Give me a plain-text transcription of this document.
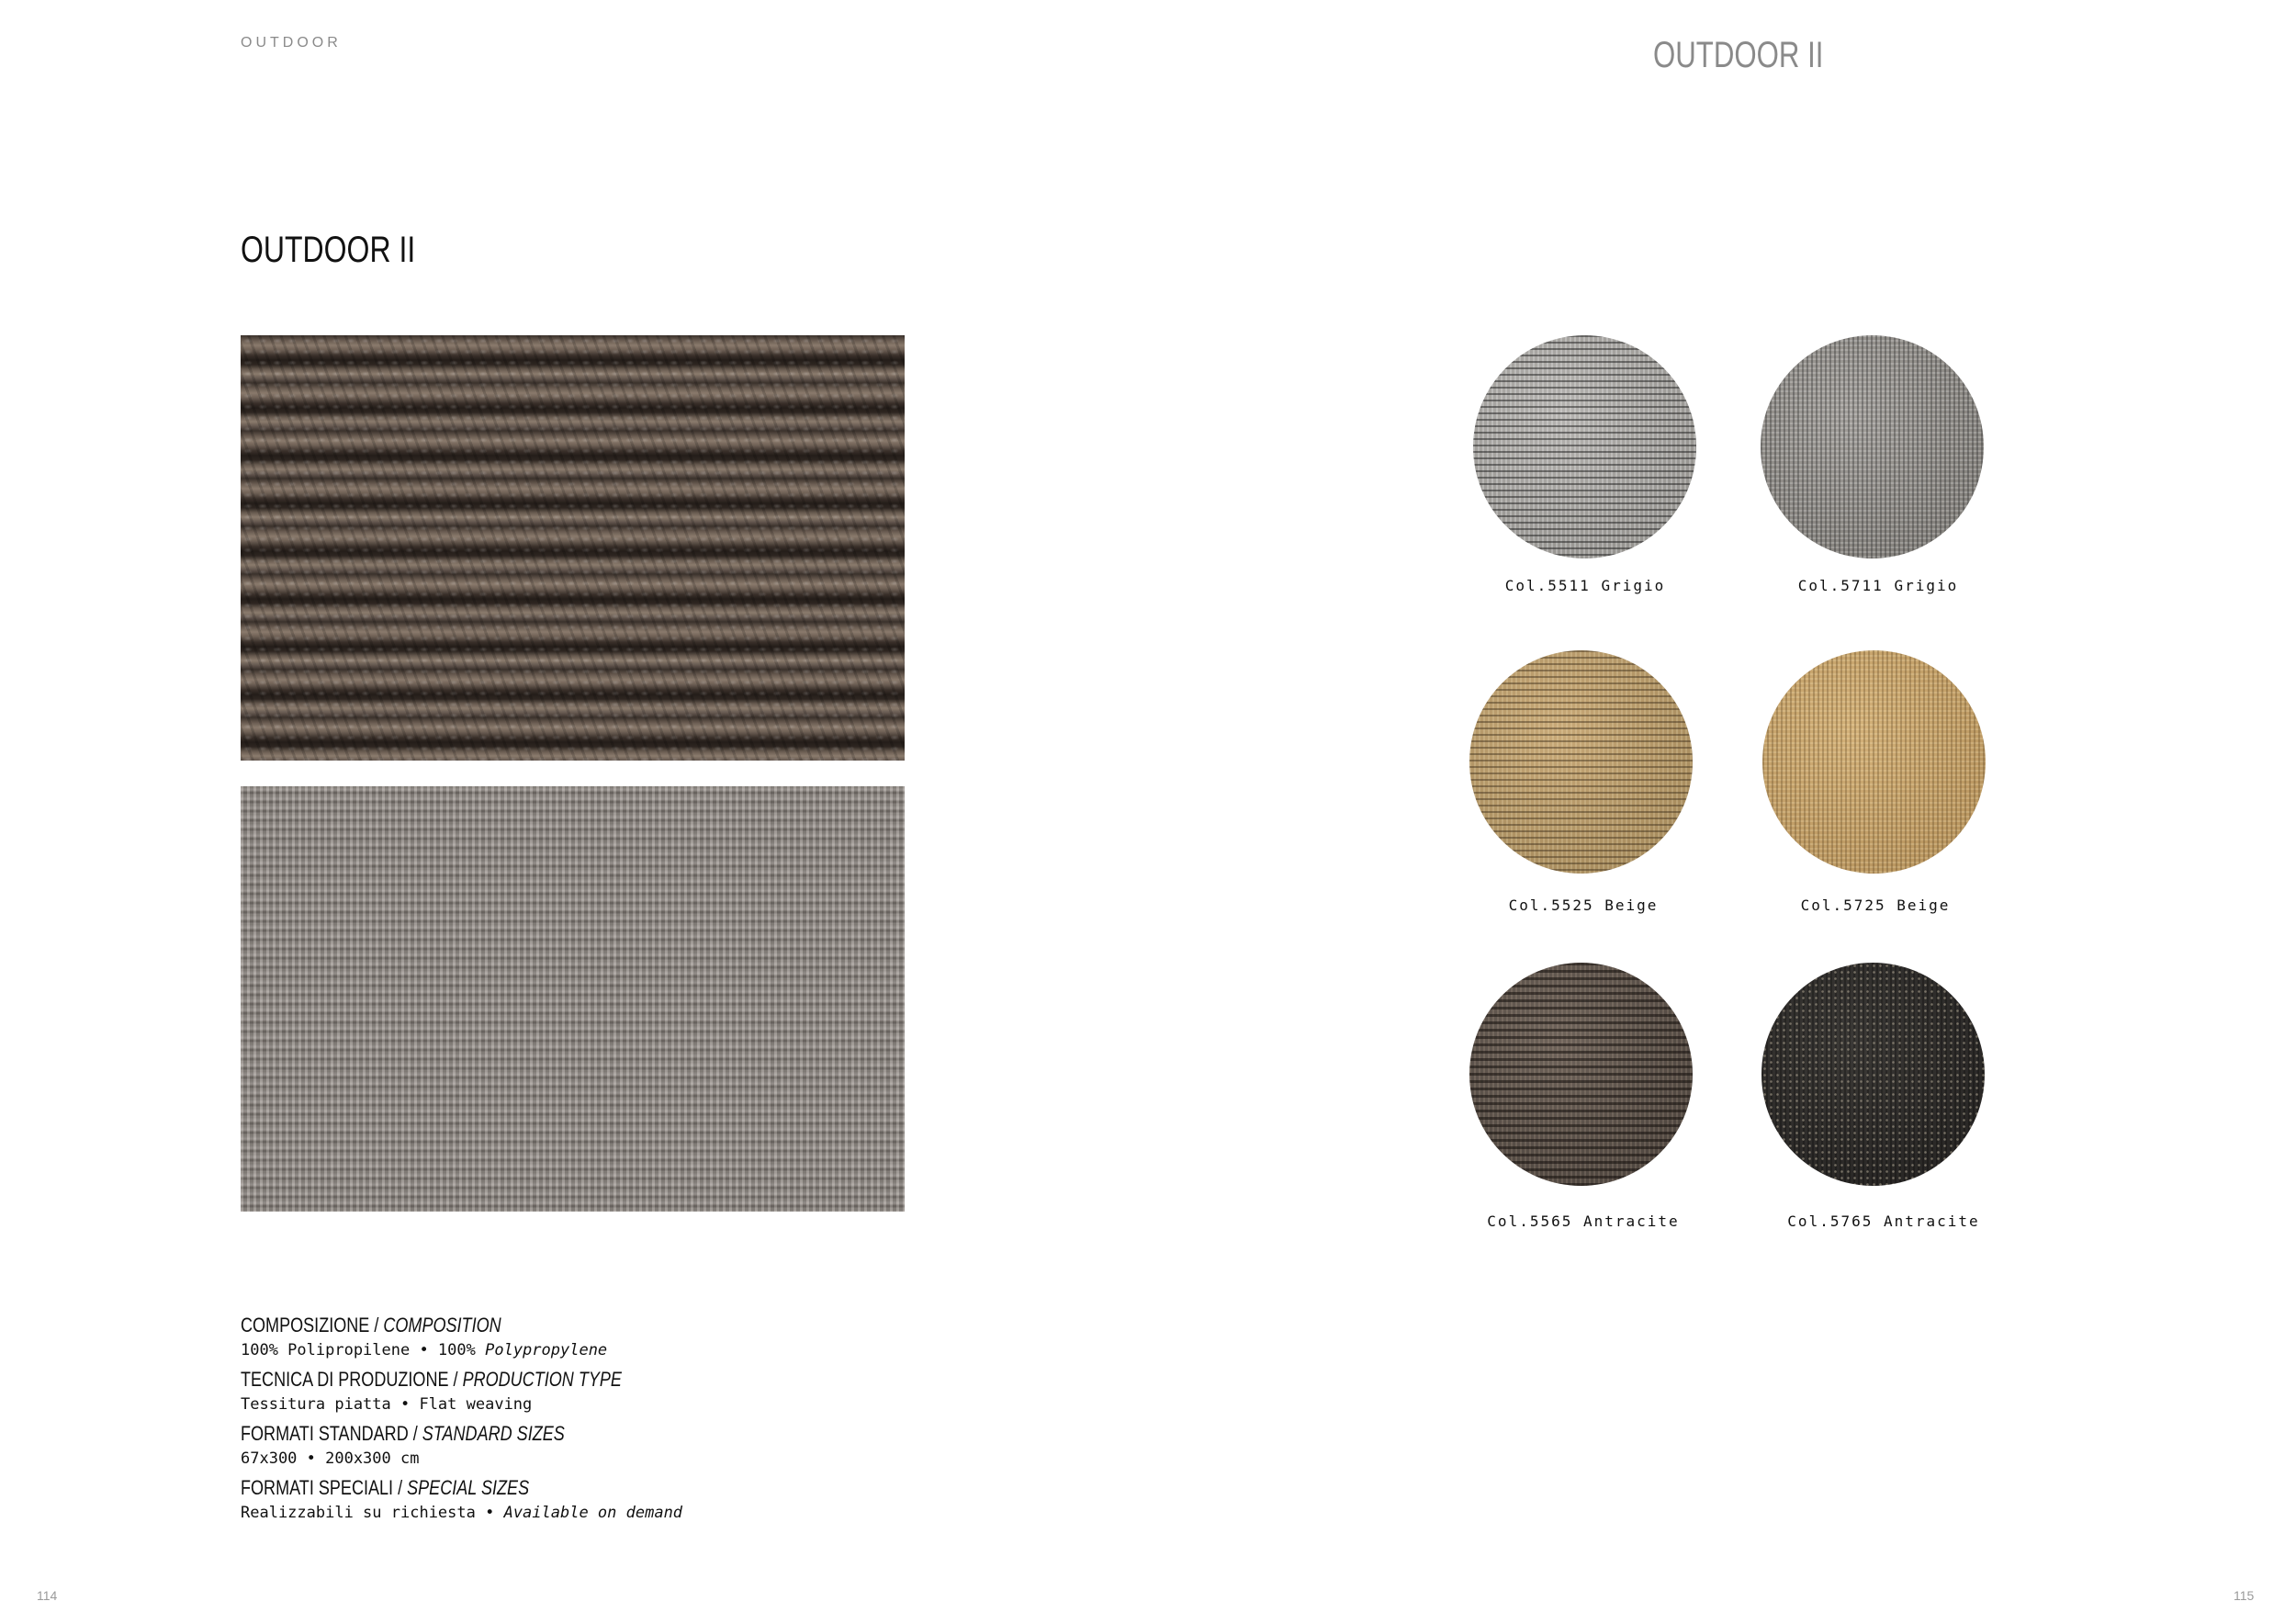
OUTDOOR	OUTDOOR II
OUTDOOR II
COMPOSIZIONE / COMPOSITION
100% Polipropilene • 100% Polypropylene
TECNICA DI PRODUZIONE / PRODUCTION TYPE
Tessitura piatta • Flat weaving
FORMATI STANDARD / STANDARD SIZES
67x300 • 200x300 cm
FORMATI SPECIALI / SPECIAL SIZES
Realizzabili su richiesta • Available on demand
Col.5511 Grigio	Col.5711 Grigio
Col.5525 Beige	Col.5725 Beige
Col.5565 Antracite	Col.5765 Antracite
114	115
